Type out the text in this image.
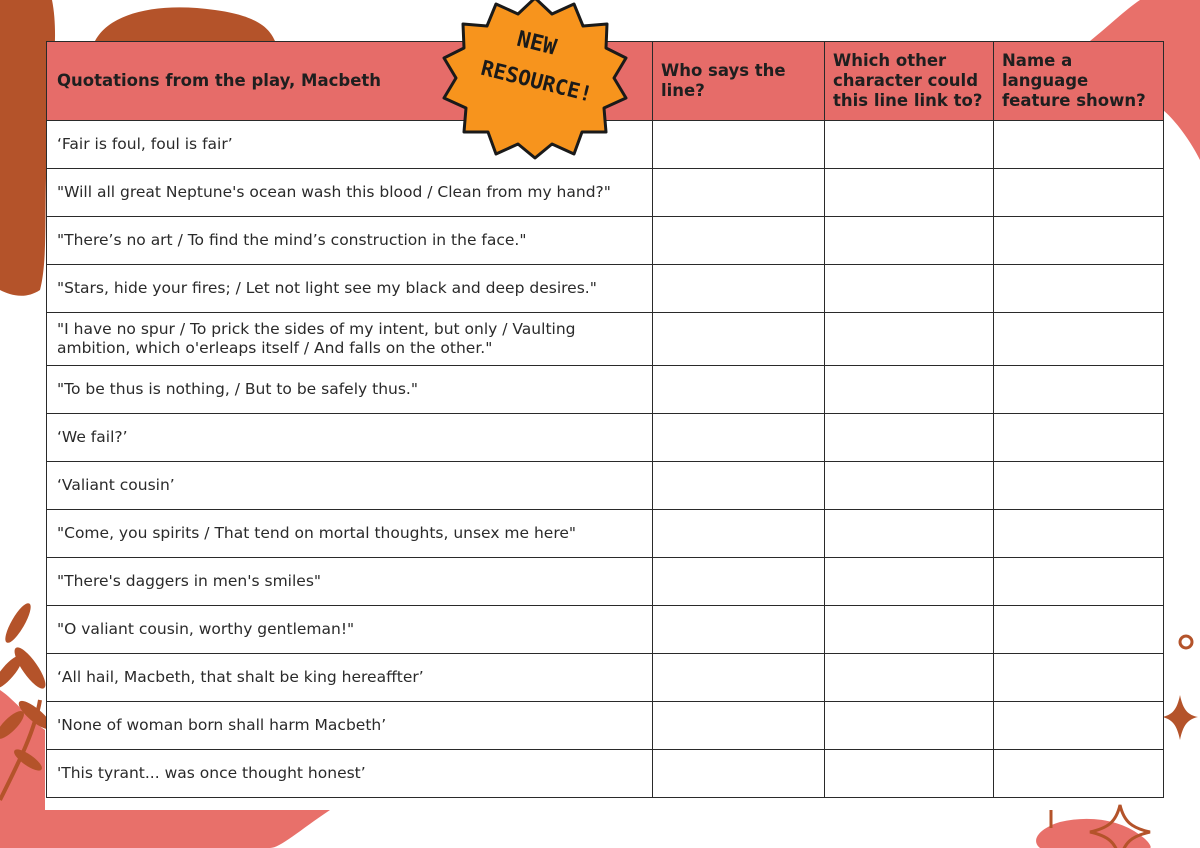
Quotations from the play, Macbeth	Who says the line?	Which other character could this line link to?	Name a language feature shown?
‘Fair is foul, foul is fair’			
"Will all great Neptune's ocean wash this blood / Clean from my hand?"			
"There’s no art / To find the mind’s construction in the face."			
"Stars, hide your fires; / Let not light see my black and deep desires."			
"I have no spur / To prick the sides of my intent, but only / Vaulting ambition, which o'erleaps itself / And falls on the other."			
"To be thus is nothing, / But to be safely thus."			
‘We fail?’			
‘Valiant cousin’			
"Come, you spirits / That tend on mortal thoughts, unsex me here"			
"There's daggers in men's smiles"			
"O valiant cousin, worthy gentleman!"			
‘All hail, Macbeth, that shalt be king hereaffter’			
'None of woman born shall harm Macbeth’			
'This tyrant... was once thought honest’			
NEW
RESOURCE!
